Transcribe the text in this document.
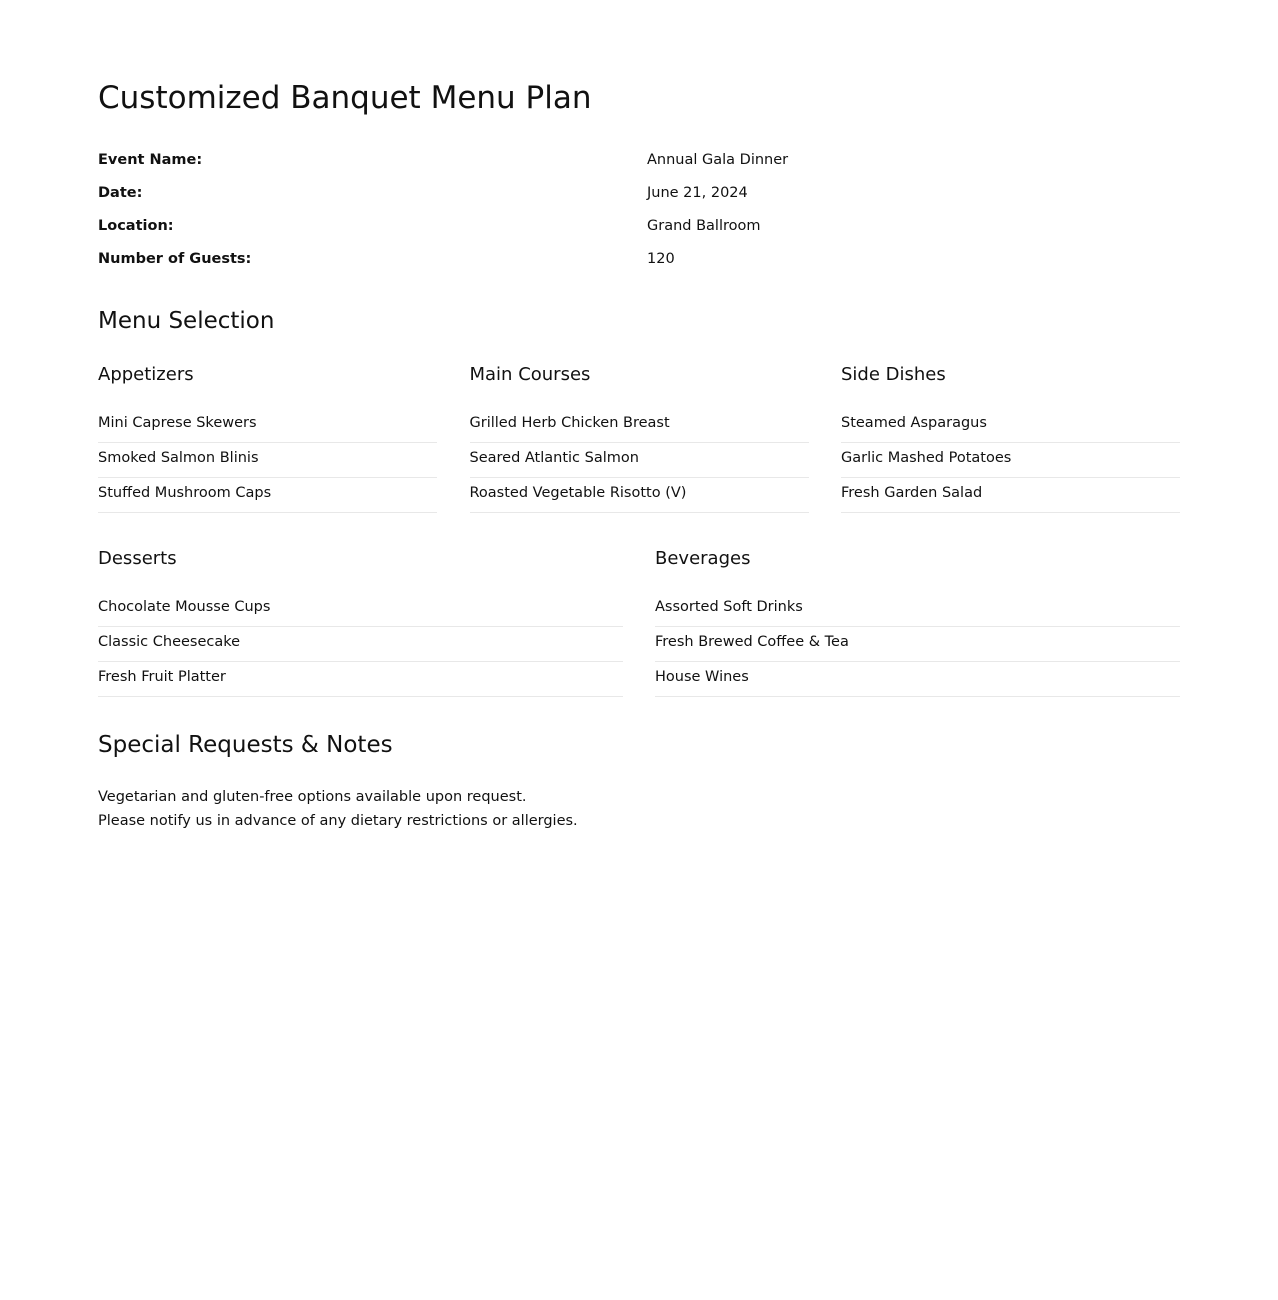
Customized Banquet Menu Plan
Event Name:	Annual Gala Dinner
Date:	June 21, 2024
Location:	Grand Ballroom
Number of Guests:	120
Menu Selection
Appetizers
Mini Caprese Skewers
Smoked Salmon Blinis
Stuffed Mushroom Caps
Main Courses
Grilled Herb Chicken Breast
Seared Atlantic Salmon
Roasted Vegetable Risotto (V)
Side Dishes
Steamed Asparagus
Garlic Mashed Potatoes
Fresh Garden Salad
Desserts
Chocolate Mousse Cups
Classic Cheesecake
Fresh Fruit Platter
Beverages
Assorted Soft Drinks
Fresh Brewed Coffee & Tea
House Wines
Special Requests & Notes
Vegetarian and gluten-free options available upon request.
Please notify us in advance of any dietary restrictions or allergies.
